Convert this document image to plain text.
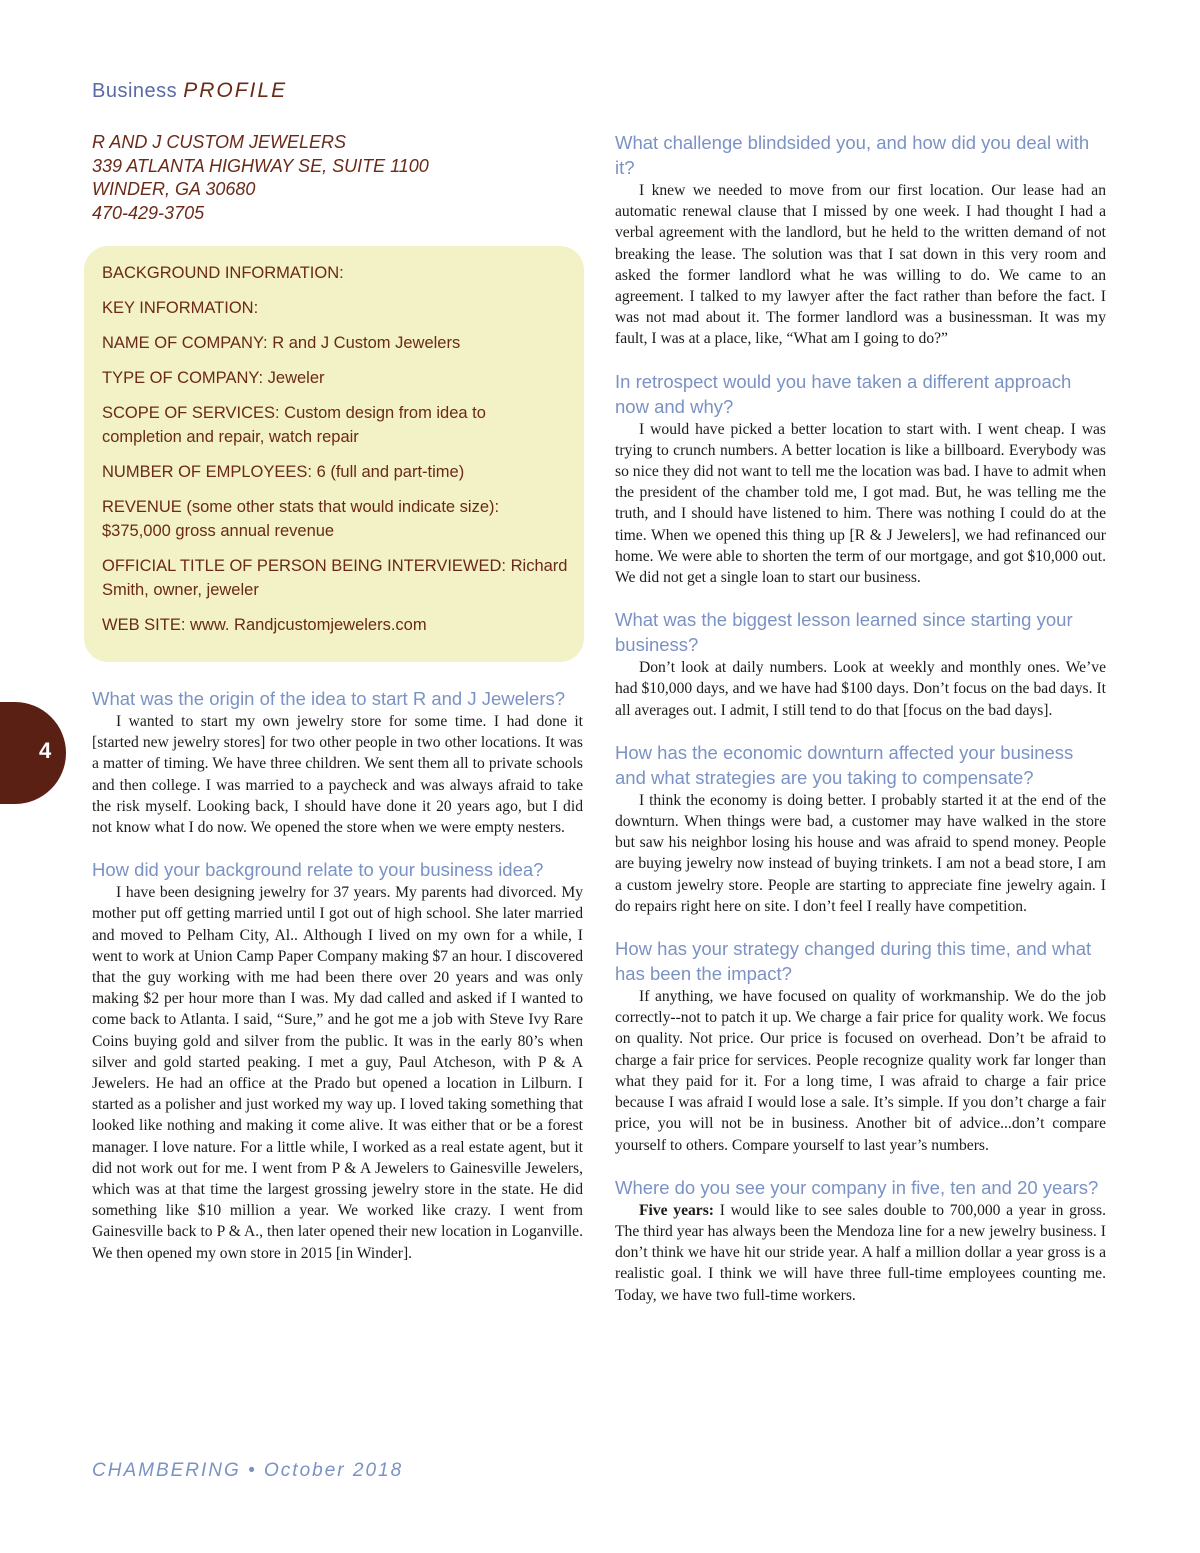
Business PROFILE
R AND J CUSTOM JEWELERS
339 ATLANTA HIGHWAY SE, SUITE 1100
WINDER, GA 30680
470-429-3705

BACKGROUND INFORMATION:

KEY INFORMATION:

NAME OF COMPANY: R and J Custom Jewelers

TYPE OF COMPANY: Jeweler

SCOPE OF SERVICES: Custom design from idea to completion and repair, watch repair

NUMBER OF EMPLOYEES: 6 (full and part-time)

REVENUE (some other stats that would indicate size): $375,000 gross annual revenue

OFFICIAL TITLE OF PERSON BEING INTERVIEWED: Richard Smith, owner, jeweler

WEB SITE: www. Randjcustomjewelers.com

What was the origin of the idea to start R and J Jewelers?

I wanted to start my own jewelry store for some time. I had done it [started new jewelry stores] for two other people in two other locations. It was a matter of timing. We have three children. We sent them all to private schools and then college. I was married to a paycheck and was always afraid to take the risk myself. Looking back, I should have done it 20 years ago, but I did not know what I do now. We opened the store when we were empty nesters.

How did your background relate to your business idea?

I have been designing jewelry for 37 years. My parents had divorced. My mother put off getting married until I got out of high school. She later married and moved to Pelham City, Al.. Although I lived on my own for a while, I went to work at Union Camp Paper Company making $7 an hour. I discovered that the guy working with me had been there over 20 years and was only making $2 per hour more than I was. My dad called and asked if I wanted to come back to Atlanta. I said, “Sure,” and he got me a job with Steve Ivy Rare Coins buying gold and silver from the public. It was in the early 80’s when silver and gold started peaking. I met a guy, Paul Atcheson, with P & A Jewelers. He had an office at the Prado but opened a location in Lilburn. I started as a polisher and just worked my way up. I loved taking something that looked like nothing and making it come alive. It was either that or be a forest manager. I love nature. For a little while, I worked as a real estate agent, but it did not work out for me. I went from P & A Jewelers to Gainesville Jewelers, which was at that time the largest grossing jewelry store in the state. He did something like $10 million a year. We worked like crazy. I went from Gainesville back to P & A., then later opened their new location in Loganville. We then opened my own store in 2015 [in Winder].

What challenge blindsided you, and how did you deal with it?

I knew we needed to move from our first location. Our lease had an automatic renewal clause that I missed by one week. I had thought I had a verbal agreement with the landlord, but he held to the written demand of not breaking the lease. The solution was that I sat down in this very room and asked the former landlord what he was willing to do. We came to an agreement. I talked to my lawyer after the fact rather than before the fact. I was not mad about it. The former landlord was a businessman. It was my fault, I was at a place, like, “What am I going to do?”

In retrospect would you have taken a different approach now and why?

I would have picked a better location to start with. I went cheap. I was trying to crunch numbers. A better location is like a billboard. Everybody was so nice they did not want to tell me the location was bad. I have to admit when the president of the chamber told me, I got mad. But, he was telling me the truth, and I should have listened to him. There was nothing I could do at the time. When we opened this thing up [R & J Jewelers], we had refinanced our home. We were able to shorten the term of our mortgage, and got $10,000 out. We did not get a single loan to start our business.

What was the biggest lesson learned since starting your business?

Don’t look at daily numbers. Look at weekly and monthly ones. We’ve had $10,000 days, and we have had $100 days. Don’t focus on the bad days. It all averages out. I admit, I still tend to do that [focus on the bad days].

How has the economic downturn affected your business and what strategies are you taking to compensate?

I think the economy is doing better. I probably started it at the end of the downturn. When things were bad, a customer may have walked in the store but saw his neighbor losing his house and was afraid to spend money. People are buying jewelry now instead of buying trinkets. I am not a bead store, I am a custom jewelry store. People are starting to appreciate fine jewelry again. I do repairs right here on site. I don’t feel I really have competition.

How has your strategy changed during this time, and what has been the impact?

If anything, we have focused on quality of workmanship. We do the job correctly--not to patch it up. We charge a fair price for quality work. We focus on quality. Not price. Our price is focused on overhead. Don’t be afraid to charge a fair price for services. People recognize quality work far longer than what they paid for it. For a long time, I was afraid to charge a fair price because I was afraid I would lose a sale. It’s simple. If you don’t charge a fair price, you will not be in business. Another bit of advice...don’t compare yourself to others. Compare yourself to last year’s numbers.

Where do you see your company in five, ten and 20 years?

Five years: I would like to see sales double to 700,000 a year in gross. The third year has always been the Mendoza line for a new jewelry business. I don’t think we have hit our stride year. A half a million dollar a year gross is a realistic goal. I think we will have three full-time employees counting me. Today, we have two full-time workers.

4
CHAMBERING • October 2018
